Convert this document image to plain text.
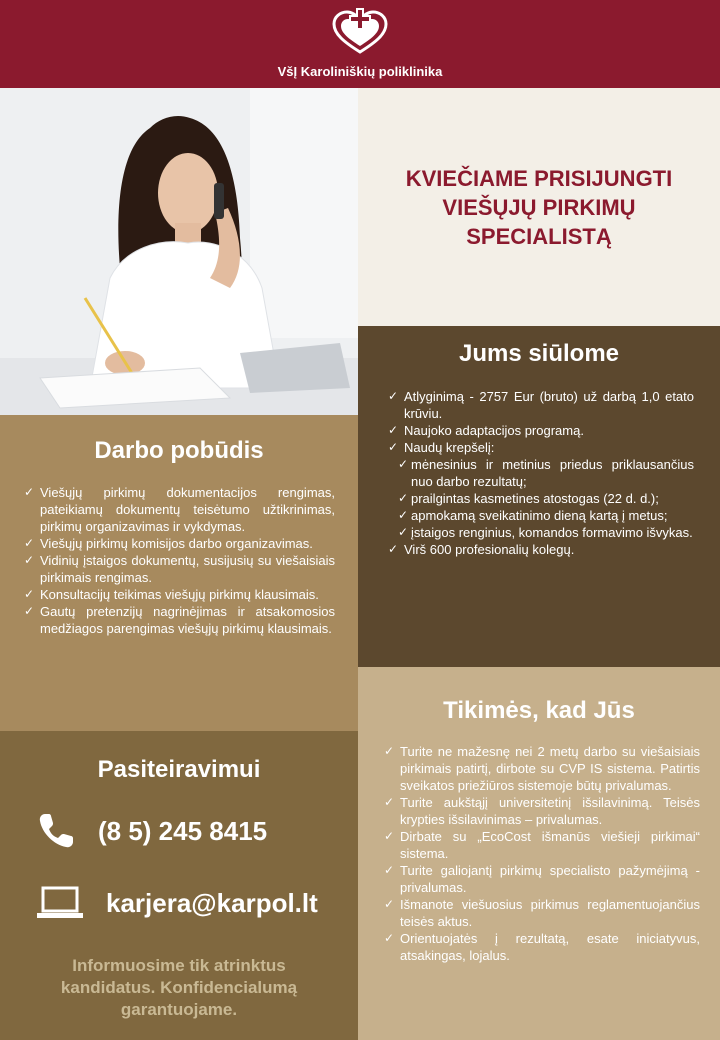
VšĮ Karoliniškių poliklinika
KVIEČIAME PRISIJUNGTI
VIEŠŲJŲ PIRKIMŲ
SPECIALISTĄ
Jums siūlome
✓ Atlyginimą - 2757 Eur (bruto) už darbą 1,0 etato krūviu.
✓ Naujoko adaptacijos programą.
✓ Naudų krepšelį:
✓ mėnesinius ir metinius priedus priklausančius nuo darbo rezultatų;
✓ prailgintas kasmetines atostogas (22 d. d.);
✓ apmokamą sveikatinimo dieną kartą į metus;
✓ įstaigos renginius, komandos formavimo išvykas.
✓ Virš 600 profesionalių kolegų.
Darbo pobūdis
✓ Viešųjų pirkimų dokumentacijos rengimas, pateikiamų dokumentų teisėtumo užtikrinimas, pirkimų organizavimas ir vykdymas.
✓ Viešųjų pirkimų komisijos darbo organizavimas.
✓ Vidinių įstaigos dokumentų, susijusių su viešaisiais pirkimais rengimas.
✓ Konsultacijų teikimas viešųjų pirkimų klausimais.
✓ Gautų pretenzijų nagrinėjimas ir atsakomosios medžiagos parengimas viešųjų pirkimų klausimais.
Tikimės, kad Jūs
✓ Turite ne mažesnę nei 2 metų darbo su viešaisiais pirkimais patirtį, dirbote su CVP IS sistema. Patirtis sveikatos priežiūros sistemoje būtų privalumas.
✓ Turite aukštąjį universitetinį išsilavinimą. Teisės krypties išsilavinimas – privalumas.
✓ Dirbate su „EcoCost išmanūs viešieji pirkimai“ sistema.
✓ Turite galiojantį pirkimų specialisto pažymėjimą - privalumas.
✓ Išmanote viešuosius pirkimus reglamentuojančius teisės aktus.
✓ Orientuojatės į rezultatą, esate iniciatyvus, atsakingas, lojalus.
Pasiteiravimui
(8 5) 245 8415
karjera@karpol.lt
Informuosime tik atrinktus kandidatus. Konfidencialumą garantuojame.
